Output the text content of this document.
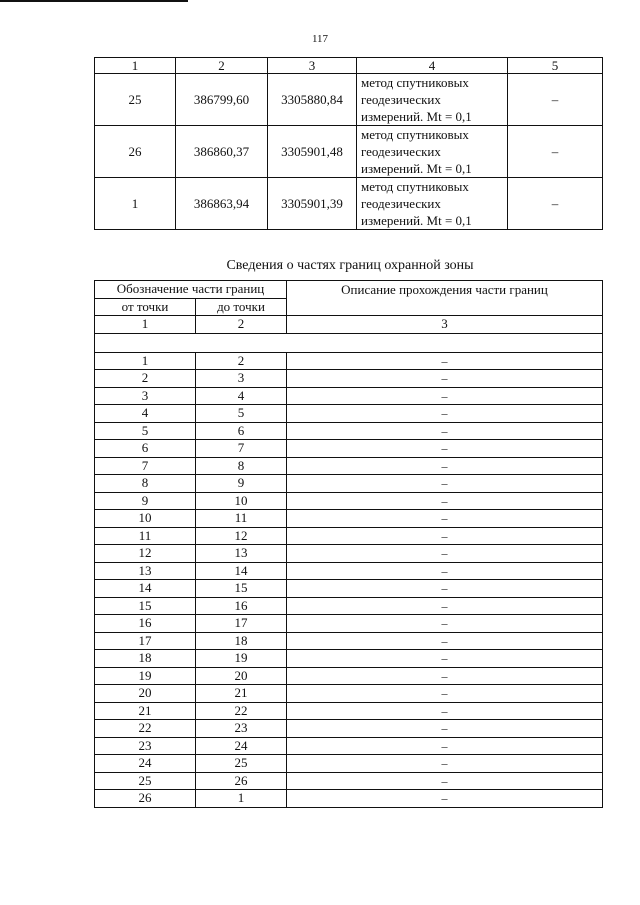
117
1	2	3	4	5
25	386799,60	3305880,84	метод спутниковых
геодезических
измерений. Mt = 0,1	–
26	386860,37	3305901,48	метод спутниковых
геодезических
измерений. Mt = 0,1	–
1	386863,94	3305901,39	метод спутниковых
геодезических
измерений. Mt = 0,1	–
Сведения о частях границ охранной зоны
Обозначение части границ		Описание прохождения части границ
от точки	до точки	
1	2	3

1	2	–
2	3	–
3	4	–
4	5	–
5	6	–
6	7	–
7	8	–
8	9	–
9	10	–
10	11	–
11	12	–
12	13	–
13	14	–
14	15	–
15	16	–
16	17	–
17	18	–
18	19	–
19	20	–
20	21	–
21	22	–
22	23	–
23	24	–
24	25	–
25	26	–
26	1	–
